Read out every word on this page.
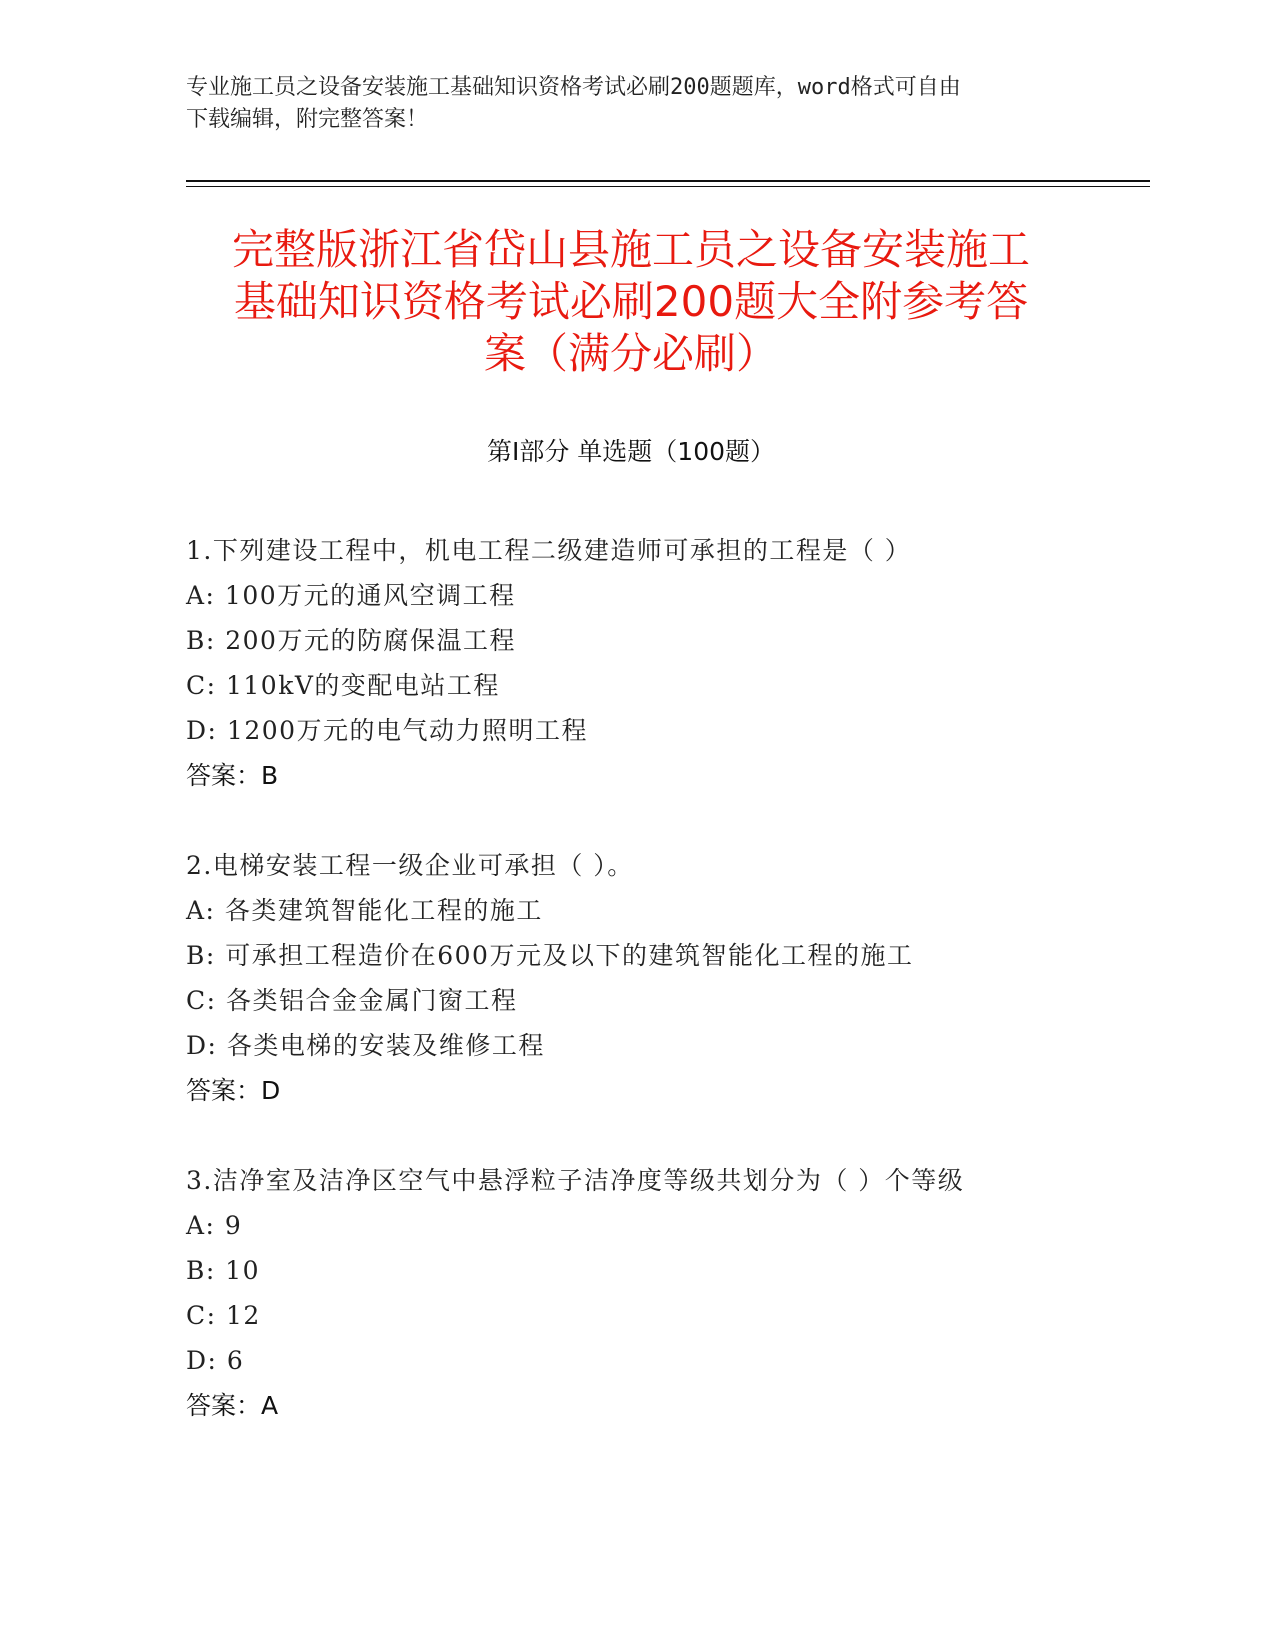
专业施工员之设备安装施工基础知识资格考试必刷200题题库，word格式可自由
下载编辑，附完整答案！
完整版浙江省岱山县施工员之设备安装施工
基础知识资格考试必刷200题大全附参考答
案（满分必刷）
第Ⅰ部分 单选题（100题）
1.下列建设工程中，机电工程二级建造师可承担的工程是（ ）
A: 100万元的通风空调工程
B: 200万元的防腐保温工程
C: 110kV的变配电站工程
D: 1200万元的电气动力照明工程
答案：B
2.电梯安装工程一级企业可承担（ ）。
A: 各类建筑智能化工程的施工
B: 可承担工程造价在600万元及以下的建筑智能化工程的施工
C: 各类铝合金金属门窗工程
D: 各类电梯的安装及维修工程
答案：D
3.洁净室及洁净区空气中悬浮粒子洁净度等级共划分为（ ）个等级
A: 9
B: 10
C: 12
D: 6
答案：A
